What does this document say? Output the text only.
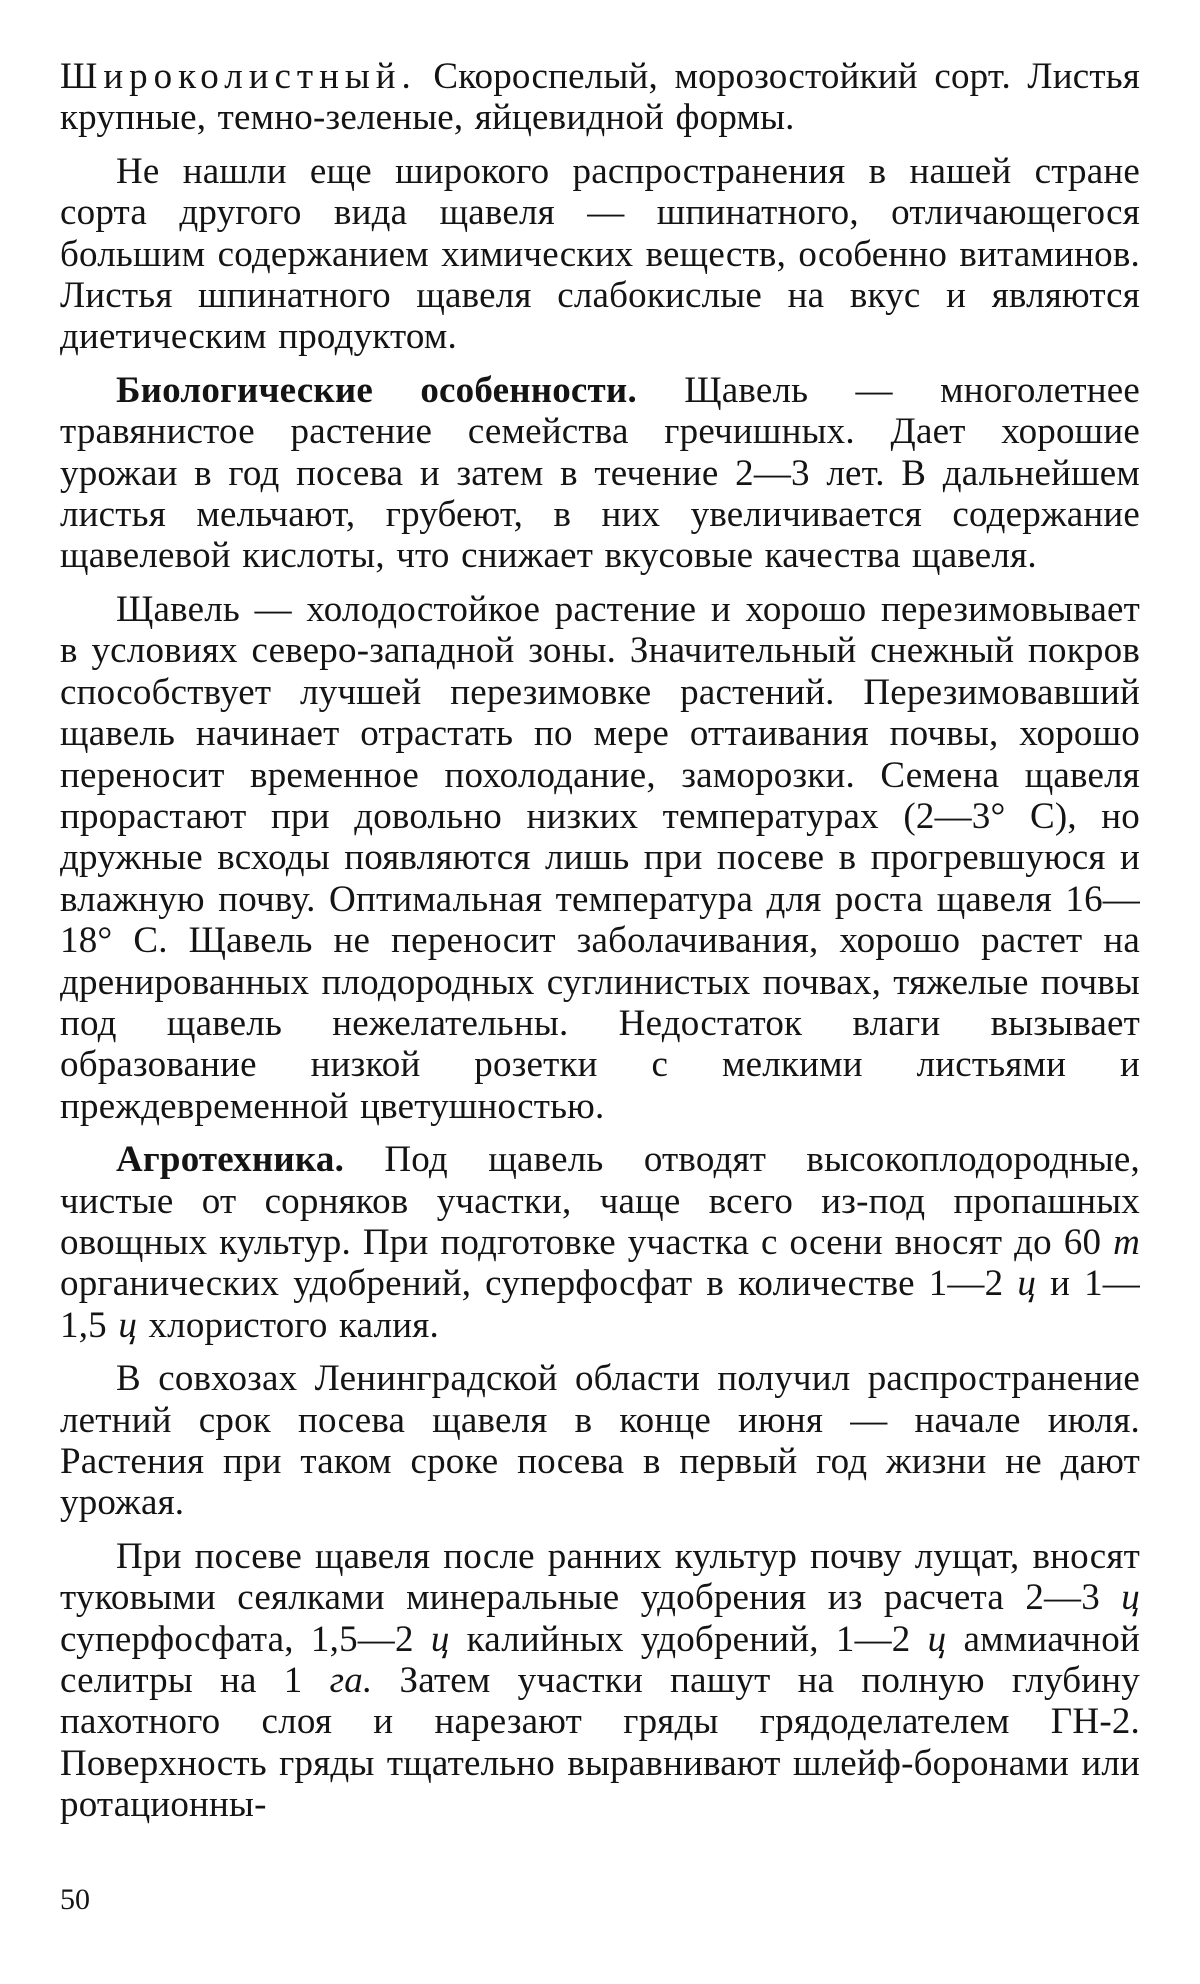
Широколистный. Скороспелый, морозостойкий сорт. Листья крупные, темно-зеленые, яйцевидной формы.

Не нашли еще широкого распространения в нашей стране сорта другого вида щавеля — шпинатного, отличающегося большим содержанием химических веществ, особенно витаминов. Листья шпинатного щавеля слабокислые на вкус и являются диетическим продуктом.

Биологические особенности. Щавель — многолетнее травянистое растение семейства гречишных. Дает хорошие урожаи в год посева и затем в течение 2—3 лет. В дальнейшем листья мельчают, грубеют, в них увеличивается содержание щавелевой кислоты, что снижает вкусовые качества щавеля.

Щавель — холодостойкое растение и хорошо перезимовывает в условиях северо-западной зоны. Значительный снежный покров способствует лучшей перезимовке растений. Перезимовавший щавель начинает отрастать по мере оттаивания почвы, хорошо переносит временное похолодание, заморозки. Семена щавеля прорастают при довольно низких температурах (2—3° С), но дружные всходы появляются лишь при посеве в прогревшуюся и влажную почву. Оптимальная температура для роста щавеля 16—18° С. Щавель не переносит заболачивания, хорошо растет на дренированных плодородных суглинистых почвах, тяжелые почвы под щавель нежелательны. Недостаток влаги вызывает образование низкой розетки с мелкими листьями и преждевременной цветушностью.

Агротехника. Под щавель отводят высокоплодородные, чистые от сорняков участки, чаще всего из-под пропашных овощных культур. При подготовке участка с осени вносят до 60 т органических удобрений, суперфосфат в количестве 1—2 ц и 1—1,5 ц хлористого калия.

В совхозах Ленинградской области получил распространение летний срок посева щавеля в конце июня — начале июля. Растения при таком сроке посева в первый год жизни не дают урожая.

При посеве щавеля после ранних культур почву лущат, вносят туковыми сеялками минеральные удобрения из расчета 2—3 ц суперфосфата, 1,5—2 ц калийных удобрений, 1—2 ц аммиачной селитры на 1 га. Затем участки пашут на полную глубину пахотного слоя и нарезают гряды грядоделателем ГН-2. Поверхность гряды тщательно выравнивают шлейф-боронами или ротационны-

50
